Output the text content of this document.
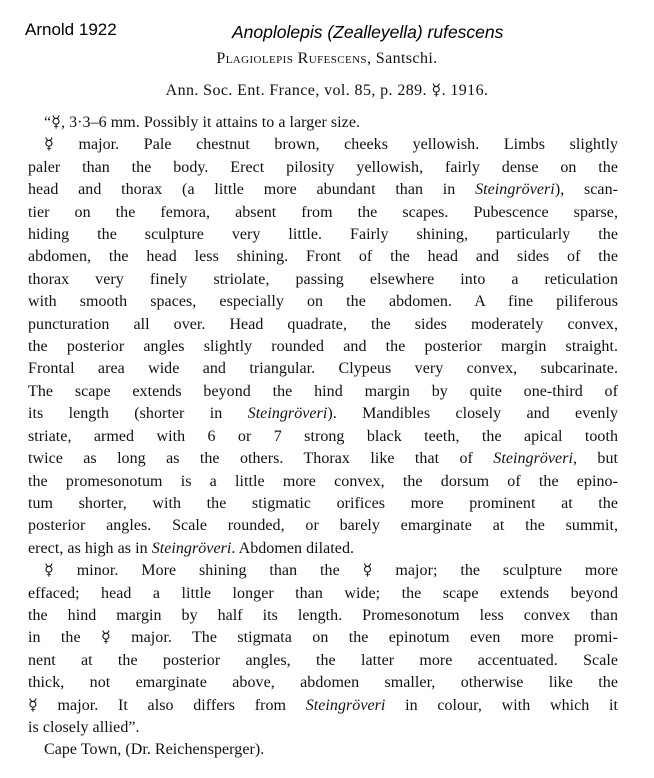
Arnold 1922	Anoplolepis (Zealleyella) rufescens
Plagiolepis Rufescens, Santschi.
Ann. Soc. Ent. France, vol. 85, p. 289. ☿. 1916.
“☿, 3·3–6 mm. Possibly it attains to a larger size.
☿ major. Pale chestnut brown, cheeks yellowish. Limbs slightly
paler than the body. Erect pilosity yellowish, fairly dense on the
head and thorax (a little more abundant than in Steingröveri), scan-
tier on the femora, absent from the scapes. Pubescence sparse,
hiding the sculpture very little. Fairly shining, particularly the
abdomen, the head less shining. Front of the head and sides of the
thorax very finely striolate, passing elsewhere into a reticulation
with smooth spaces, especially on the abdomen. A fine piliferous
puncturation all over. Head quadrate, the sides moderately convex,
the posterior angles slightly rounded and the posterior margin straight.
Frontal area wide and triangular. Clypeus very convex, subcarinate.
The scape extends beyond the hind margin by quite one-third of
its length (shorter in Steingröveri). Mandibles closely and evenly
striate, armed with 6 or 7 strong black teeth, the apical tooth
twice as long as the others. Thorax like that of Steingröveri, but
the promesonotum is a little more convex, the dorsum of the epino-
tum shorter, with the stigmatic orifices more prominent at the
posterior angles. Scale rounded, or barely emarginate at the summit,
erect, as high as in Steingröveri. Abdomen dilated.
☿ minor. More shining than the ☿ major; the sculpture more
effaced; head a little longer than wide; the scape extends beyond
the hind margin by half its length. Promesonotum less convex than
in the ☿ major. The stigmata on the epinotum even more promi-
nent at the posterior angles, the latter more accentuated. Scale
thick, not emarginate above, abdomen smaller, otherwise like the
☿ major. It also differs from Steingröveri in colour, with which it
is closely allied”.
Cape Town, (Dr. Reichensperger).
